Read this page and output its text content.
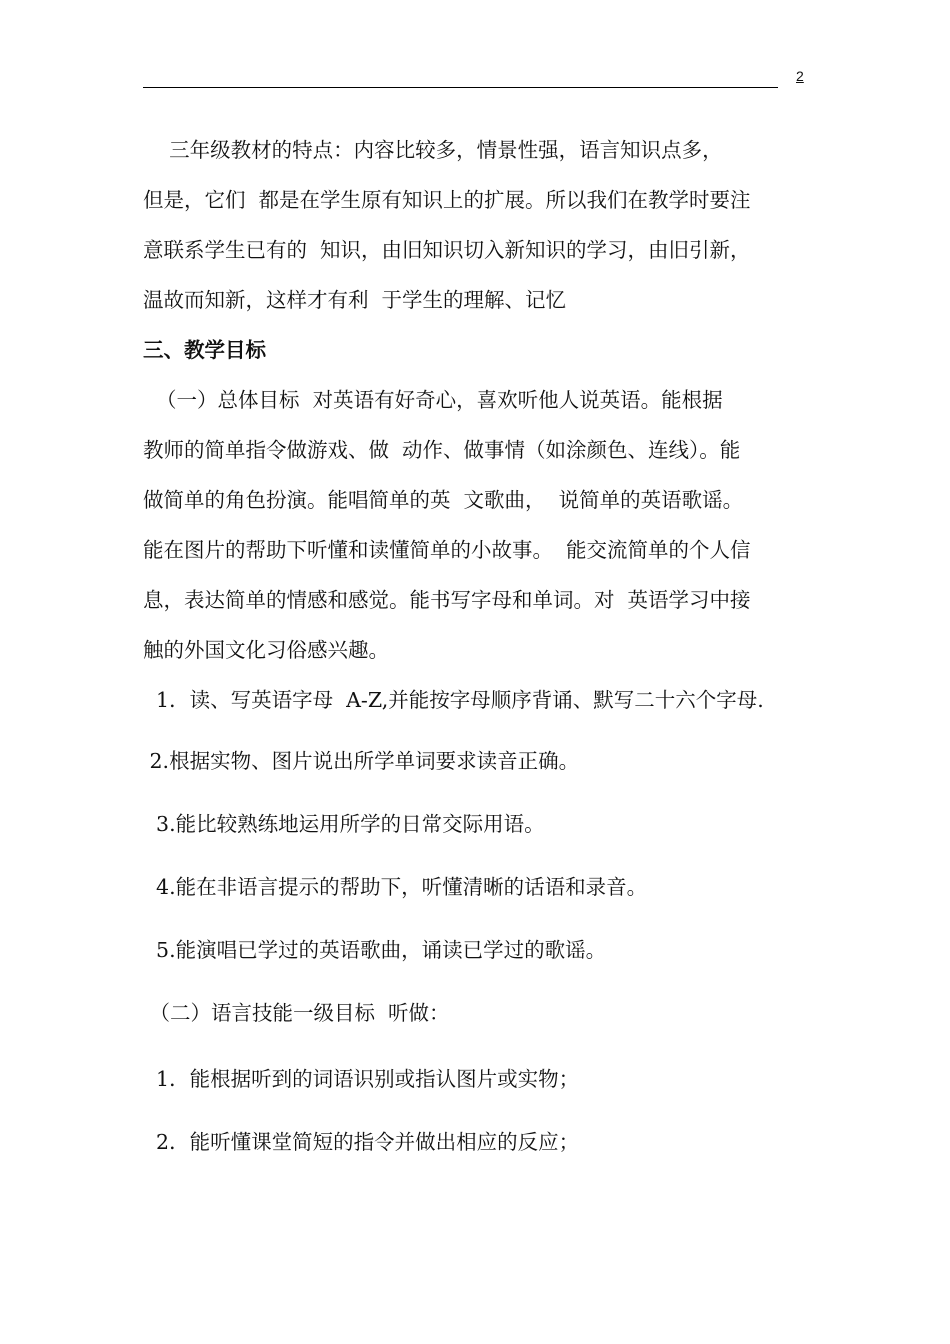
2
三年级教材的特点：内容比较多，情景性强，语言知识点多，
但是，它们  都是在学生原有知识上的扩展。所以我们在教学时要注
意联系学生已有的  知识，由旧知识切入新知识的学习，由旧引新，
温故而知新，这样才有利  于学生的理解、记忆
三、教学目标
（一）总体目标  对英语有好奇心，喜欢听他人说英语。能根据
教师的简单指令做游戏、做  动作、做事情（如涂颜色、连线）。能
做简单的角色扮演。能唱简单的英  文歌曲，  说简单的英语歌谣。
能在图片的帮助下听懂和读懂简单的小故事。  能交流简单的个人信
息，表达简单的情感和感觉。能书写字母和单词。对  英语学习中接
触的外国文化习俗感兴趣。
1．读、写英语字母  A-Z,并能按字母顺序背诵、默写二十六个字母.
2.根据实物、图片说出所学单词要求读音正确。
3.能比较熟练地运用所学的日常交际用语。
4.能在非语言提示的帮助下，听懂清晰的话语和录音。
5.能演唱已学过的英语歌曲，诵读已学过的歌谣。
（二）语言技能一级目标  听做：
1．能根据听到的词语识别或指认图片或实物；
2．能听懂课堂简短的指令并做出相应的反应；
